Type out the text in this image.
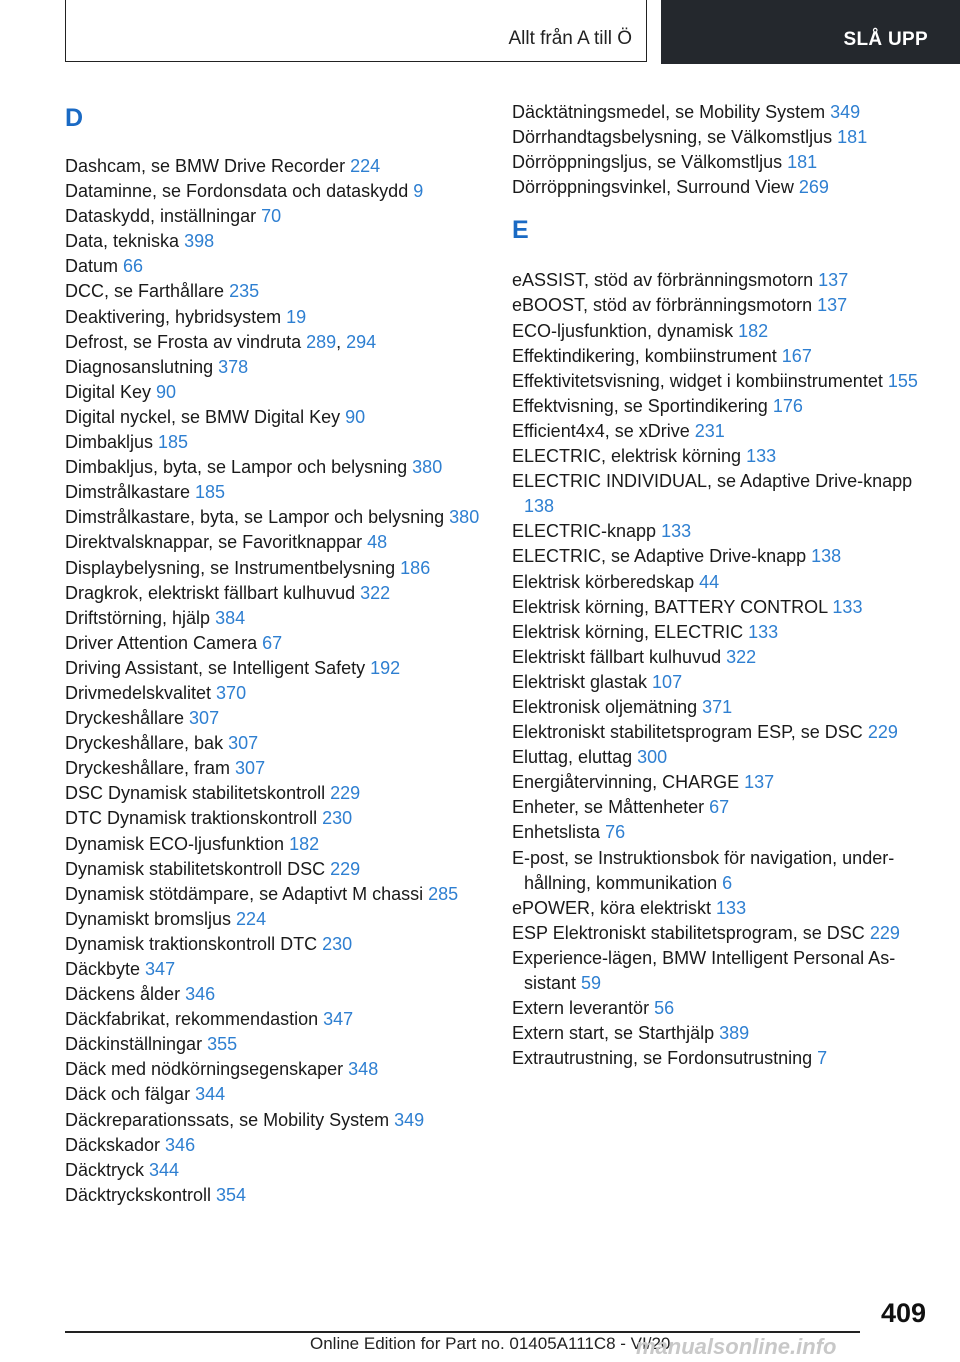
Allt från A till Ö	SLÅ UPP
D
Dashcam, se BMW Drive Recorder 224
Dataminne, se Fordonsdata och dataskydd 9
Dataskydd, inställningar 70
Data, tekniska 398
Datum 66
DCC, se Farthållare 235
Deaktivering, hybridsystem 19
Defrost, se Frosta av vindruta 289, 294
Diagnosanslutning 378
Digital Key 90
Digital nyckel, se BMW Digital Key 90
Dimbakljus 185
Dimbakljus, byta, se Lampor och belysning 380
Dimstrålkastare 185
Dimstrålkastare, byta, se Lampor och belysning 380
Direktvalsknappar, se Favoritknappar 48
Displaybelysning, se Instrumentbelysning 186
Dragkrok, elektriskt fällbart kulhuvud 322
Driftstörning, hjälp 384
Driver Attention Camera 67
Driving Assistant, se Intelligent Safety 192
Drivmedelskvalitet 370
Dryckeshållare 307
Dryckeshållare, bak 307
Dryckeshållare, fram 307
DSC Dynamisk stabilitetskontroll 229
DTC Dynamisk traktionskontroll 230
Dynamisk ECO-ljusfunktion 182
Dynamisk stabilitetskontroll DSC 229
Dynamisk stötdämpare, se Adaptivt M chassi 285
Dynamiskt bromsljus 224
Dynamisk traktionskontroll DTC 230
Däckbyte 347
Däckens ålder 346
Däckfabrikat, rekommendastion 347
Däckinställningar 355
Däck med nödkörningsegenskaper 348
Däck och fälgar 344
Däckreparationssats, se Mobility System 349
Däckskador 346
Däcktryck 344
Däcktryckskontroll 354
Däcktätningsmedel, se Mobility System 349
Dörrhandtagsbelysning, se Välkomstljus 181
Dörröppningsljus, se Välkomstljus 181
Dörröppningsvinkel, Surround View 269
E
eASSIST, stöd av förbränningsmotorn 137
eBOOST, stöd av förbränningsmotorn 137
ECO-ljusfunktion, dynamisk 182
Effektindikering, kombiinstrument 167
Effektivitetsvisning, widget i kombiinstrumentet 155
Effektvisning, se Sportindikering 176
Efficient4x4, se xDrive 231
ELECTRIC, elektrisk körning 133
ELECTRIC INDIVIDUAL, se Adaptive Drive-knapp 138
ELECTRIC-knapp 133
ELECTRIC, se Adaptive Drive-knapp 138
Elektrisk körberedskap 44
Elektrisk körning, BATTERY CONTROL 133
Elektrisk körning, ELECTRIC 133
Elektriskt fällbart kulhuvud 322
Elektriskt glastak 107
Elektronisk oljemätning 371
Elektroniskt stabilitetsprogram ESP, se DSC 229
Eluttag, eluttag 300
Energiåtervinning, CHARGE 137
Enheter, se Måttenheter 67
Enhetslista 76
E-post, se Instruktionsbok för navigation, underhållning, kommunikation 6
ePOWER, köra elektriskt 133
ESP Elektroniskt stabilitetsprogram, se DSC 229
Experience-lägen, BMW Intelligent Personal Assistant 59
Extern leverantör 56
Extern start, se Starthjälp 389
Extrautrustning, se Fordonsutrustning 7
409
Online Edition for Part no. 01405A111C8 - VI/20
manualsonline.info
